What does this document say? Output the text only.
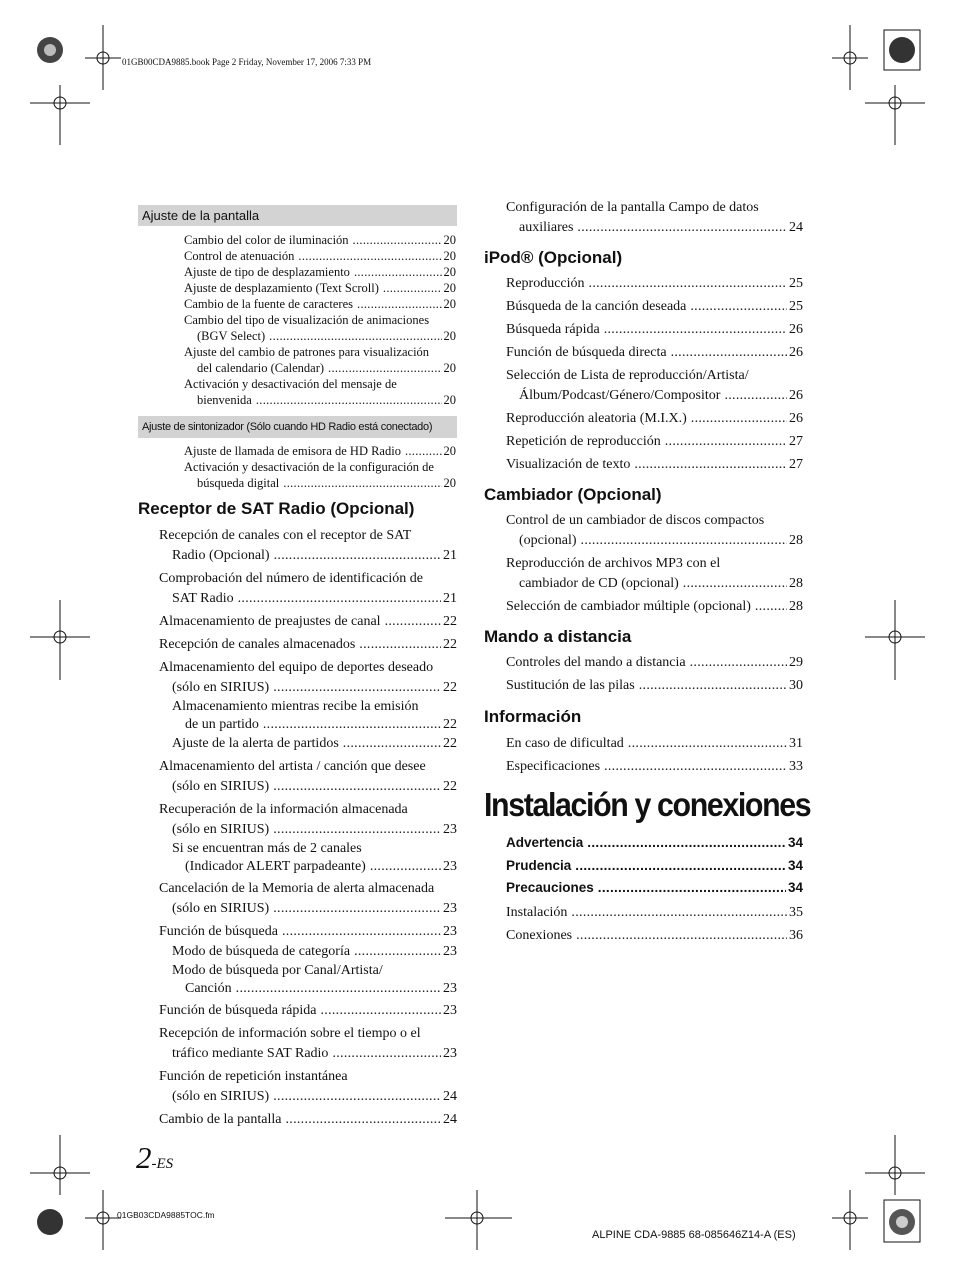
01GB00CDA9885.book Page 2 Friday, November 17, 2006 7:33 PM
Ajuste de la pantalla
Cambio del color de iluminación .....	20
Control de atenuación .....	20
Ajuste de tipo de desplazamiento .....	20
Ajuste de desplazamiento (Text Scroll) .....	20
Cambio de la fuente de caracteres .....	20
Cambio del tipo de visualización de animaciones
(BGV Select) .....	20
Ajuste del cambio de patrones para visualización
del calendario (Calendar) .....	20
Activación y desactivación del mensaje de
bienvenida .....	20
Ajuste de sintonizador (Sólo cuando HD Radio está conectado)
Ajuste de llamada de emisora de HD Radio .....	20
Activación y desactivación de la configuración de
búsqueda digital .....	20
Receptor de SAT Radio (Opcional)
Recepción de canales con el receptor de SAT
Radio (Opcional) .....	21
Comprobación del número de identificación de
SAT Radio .....	21
Almacenamiento de preajustes de canal .....	22
Recepción de canales almacenados .....	22
Almacenamiento del equipo de deportes deseado
(sólo en SIRIUS) .....	22
Almacenamiento mientras recibe la emisión
de un partido .....	22
Ajuste de la alerta de partidos .....	22
Almacenamiento del artista / canción que desee
(sólo en SIRIUS) .....	22
Recuperación de la información almacenada
(sólo en SIRIUS) .....	23
Si se encuentran más de 2 canales
(Indicador ALERT parpadeante) .....	23
Cancelación de la Memoria de alerta almacenada
(sólo en SIRIUS) .....	23
Función de búsqueda .....	23
Modo de búsqueda de categoría .....	23
Modo de búsqueda por Canal/Artista/
Canción .....	23
Función de búsqueda rápida .....	23
Recepción de información sobre el tiempo o el
tráfico mediante SAT Radio .....	23
Función de repetición instantánea
(sólo en SIRIUS) .....	24
Cambio de la pantalla .....	24
Configuración de la pantalla Campo de datos
auxiliares .....	24
iPod® (Opcional)
Reproducción .....	25
Búsqueda de la canción deseada .....	25
Búsqueda rápida .....	26
Función de búsqueda directa .....	26
Selección de Lista de reproducción/Artista/
Álbum/Podcast/Género/Compositor .....	26
Reproducción aleatoria (M.I.X.) .....	26
Repetición de reproducción .....	27
Visualización de texto .....	27
Cambiador (Opcional)
Control de un cambiador de discos compactos
(opcional) .....	28
Reproducción de archivos MP3 con el
cambiador de CD (opcional) .....	28
Selección de cambiador múltiple (opcional) .....	28
Mando a distancia
Controles del mando a distancia .....	29
Sustitución de las pilas .....	30
Información
En caso de dificultad .....	31
Especificaciones .....	33
Instalación y conexiones
Advertencia .....	34
Prudencia .....	34
Precauciones .....	34
Instalación .....	35
Conexiones .....	36
2-ES
01GB03CDA9885TOC.fm
ALPINE CDA-9885 68-085646Z14-A (ES)
